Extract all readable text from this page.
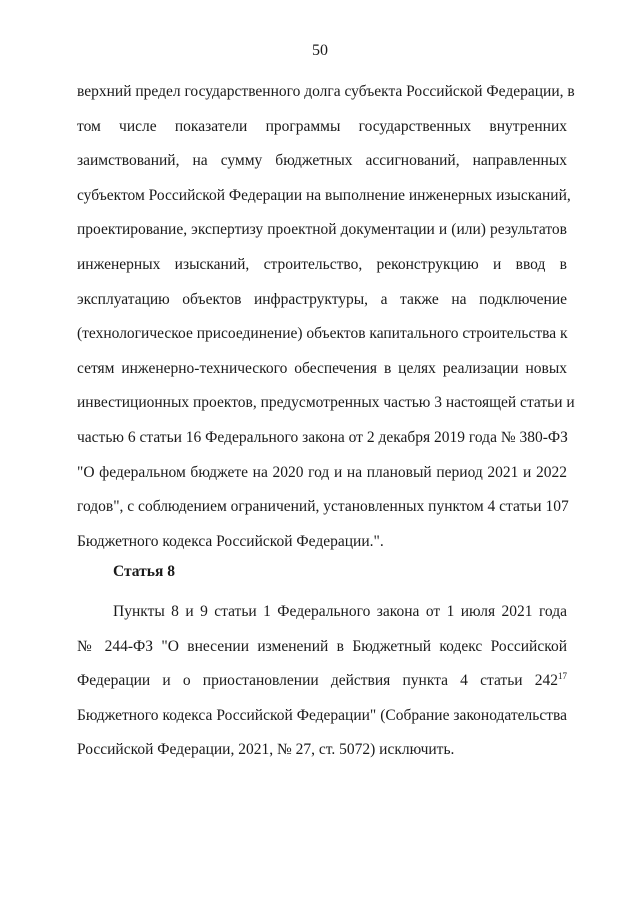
50
верхний предел государственного долга субъекта Российской Федерации, в
том числе показатели программы государственных внутренних
заимствований, на сумму бюджетных ассигнований, направленных
субъектом Российской Федерации на выполнение инженерных изысканий,
проектирование, экспертизу проектной документации и (или) результатов
инженерных изысканий, строительство, реконструкцию и ввод в
эксплуатацию объектов инфраструктуры, а также на подключение
(технологическое присоединение) объектов капитального строительства к
сетям инженерно-технического обеспечения в целях реализации новых
инвестиционных проектов, предусмотренных частью 3 настоящей статьи и
частью 6 статьи 16 Федерального закона от 2 декабря 2019 года № 380-ФЗ
"О федеральном бюджете на 2020 год и на плановый период 2021 и 2022
годов", с соблюдением ограничений, установленных пунктом 4 статьи 107
Бюджетного кодекса Российской Федерации.".
Статья 8
Пункты 8 и 9 статьи 1 Федерального закона от 1 июля 2021 года
№ 244-ФЗ "О внесении изменений в Бюджетный кодекс Российской
Федерации и о приостановлении действия пункта 4 статьи $242^{17}$
Бюджетного кодекса Российской Федерации" (Собрание законодательства
Российской Федерации, 2021, № 27, ст. 5072) исключить.
